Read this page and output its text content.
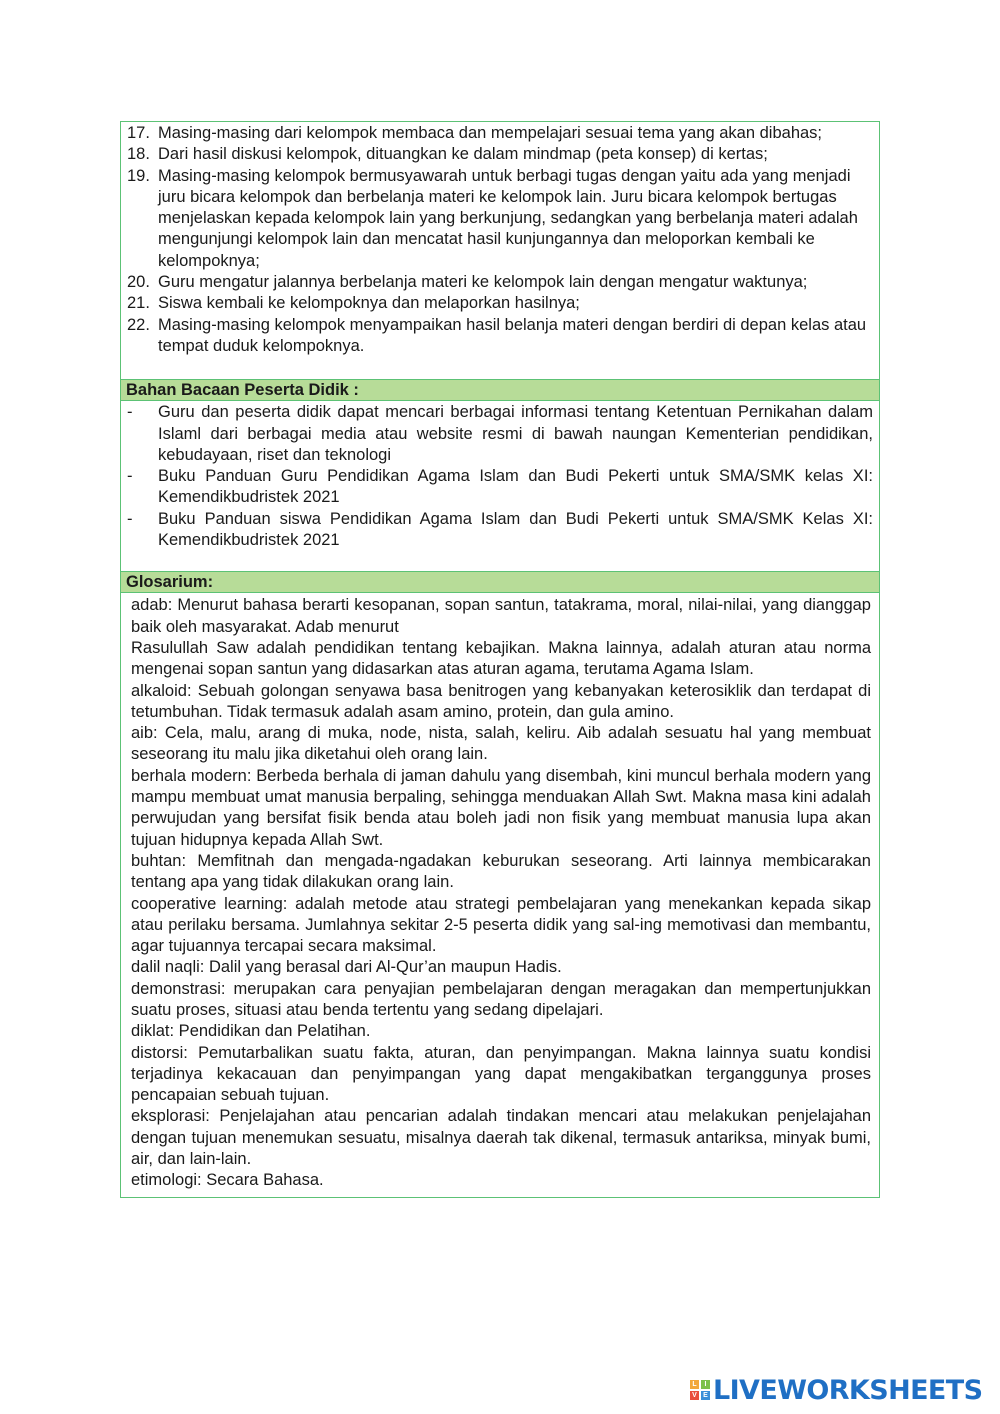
17. Masing-masing dari kelompok membaca dan mempelajari sesuai tema yang akan dibahas;
18. Dari hasil diskusi kelompok, dituangkan ke dalam mindmap (peta konsep) di kertas;
19. Masing-masing kelompok bermusyawarah untuk berbagi tugas dengan yaitu ada yang menjadi juru bicara kelompok dan berbelanja materi ke kelompok lain. Juru bicara kelompok bertugas menjelaskan kepada kelompok lain yang berkunjung, sedangkan yang berbelanja materi adalah mengunjungi kelompok lain dan mencatat hasil kunjungannya dan meloporkan kembali ke kelompoknya;
20. Guru mengatur jalannya berbelanja materi ke kelompok lain dengan mengatur waktunya;
21. Siswa kembali ke kelompoknya dan melaporkan hasilnya;
22. Masing-masing kelompok menyampaikan hasil belanja materi dengan berdiri di depan kelas atau tempat duduk kelompoknya.
Bahan Bacaan Peserta Didik :
-	Guru dan peserta didik dapat mencari berbagai informasi tentang Ketentuan Pernikahan dalam Islaml dari berbagai media atau website resmi di bawah naungan Kementerian pendidikan, kebudayaan, riset dan teknologi
-	Buku Panduan Guru Pendidikan Agama Islam dan Budi Pekerti untuk SMA/SMK kelas XI: Kemendikbudristek 2021
-	Buku Panduan siswa Pendidikan Agama Islam dan Budi Pekerti untuk SMA/SMK Kelas XI: Kemendikbudristek 2021
Glosarium:

adab: Menurut bahasa berarti kesopanan, sopan santun, tatakrama, moral, nilai-nilai, yang dianggap baik oleh masyarakat. Adab menurut

Rasulullah Saw adalah pendidikan tentang kebajikan. Makna lainnya, adalah aturan atau norma mengenai sopan santun yang didasarkan atas aturan agama, terutama Agama Islam.

alkaloid: Sebuah golongan senyawa basa benitrogen yang kebanyakan keterosiklik dan terdapat di tetumbuhan. Tidak termasuk adalah asam amino, protein, dan gula amino.

aib: Cela, malu, arang di muka, node, nista, salah, keliru. Aib adalah sesuatu hal yang membuat seseorang itu malu jika diketahui oleh orang lain.

berhala modern: Berbeda berhala di jaman dahulu yang disembah, kini muncul berhala modern yang mampu membuat umat manusia berpaling, sehingga menduakan Allah Swt. Makna masa kini adalah perwujudan yang bersifat fisik benda atau boleh jadi non fisik yang membuat manusia lupa akan tujuan hidupnya kepada Allah Swt.

buhtan: Memfitnah dan mengada-ngadakan keburukan seseorang. Arti lainnya membicarakan tentang apa yang tidak dilakukan orang lain.

cooperative learning: adalah metode atau strategi pembelajaran yang menekankan kepada sikap atau perilaku bersama. Jumlahnya sekitar 2-5 peserta didik yang sal-ing memotivasi dan membantu, agar tujuannya tercapai secara maksimal.

dalil naqli: Dalil yang berasal dari Al-Qur’an maupun Hadis.

demonstrasi: merupakan cara penyajian pembelajaran dengan meragakan dan mempertunjukkan suatu proses, situasi atau benda tertentu yang sedang dipelajari.

diklat: Pendidikan dan Pelatihan.

distorsi: Pemutarbalikan suatu fakta, aturan, dan penyimpangan. Makna lainnya suatu kondisi terjadinya kekacauan dan penyimpangan yang dapat mengakibatkan terganggunya proses pencapaian sebuah tujuan.

eksplorasi: Penjelajahan atau pencarian adalah tindakan mencari atau melakukan penjelajahan dengan tujuan menemukan sesuatu, misalnya daerah tak dikenal, termasuk antariksa, minyak bumi, air, dan lain-lain.

etimologi: Secara Bahasa.

L	I
V E LIVEWORKSHEETS
